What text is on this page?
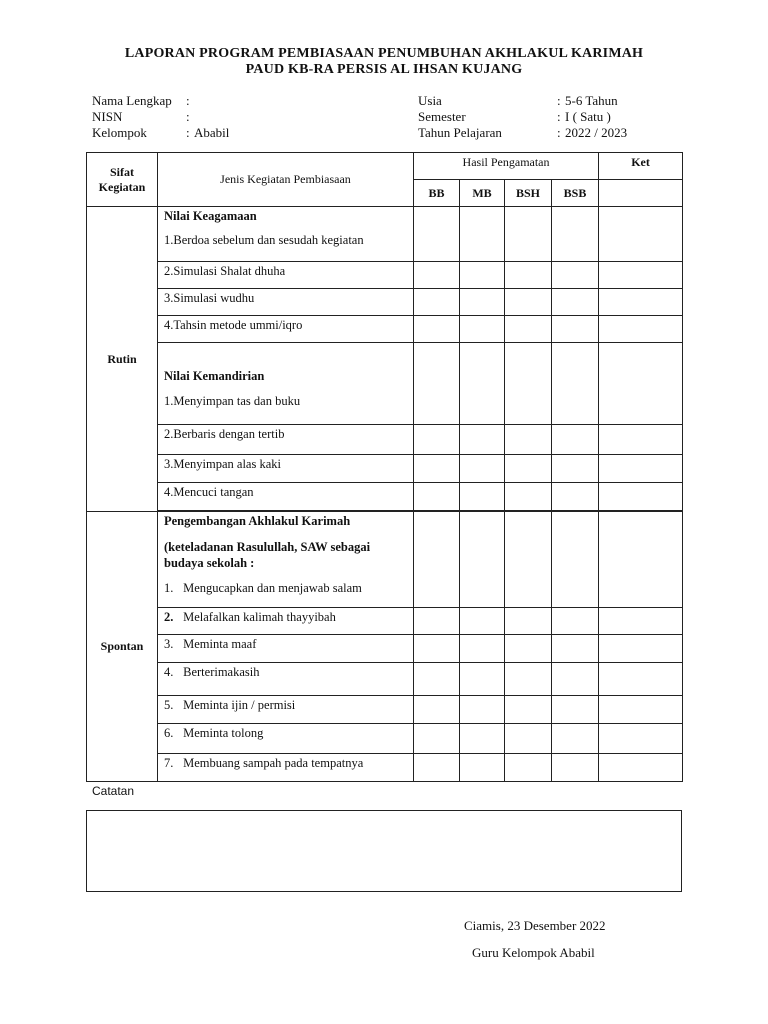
LAPORAN PROGRAM PEMBIASAAN PENUMBUHAN AKHLAKUL KARIMAH
PAUD KB-RA PERSIS AL IHSAN KUJANG
Nama Lengkap :
NISN	:
Kelompok	: Ababil
Usia	: 5-6 Tahun
Semester	: I ( Satu )
Tahun Pelajaran	: 2022 / 2023
Sifat Kegiatan	Jenis Kegiatan Pembiasaan	Hasil Pengamatan				Ket
		BB	MB	BSH	BSB	
Rutin	Nilai Keagamaan
1.Berdoa sebelum dan sesudah kegiatan					

	2.Simulasi Shalat dhuha					

	3.Simulasi wudhu					

	4.Tahsin metode ummi/iqro					

	Nilai Kemandirian
1.Menyimpan tas dan buku					

	2.Berbaris dengan tertib					

	3.Menyimpan alas kaki					

	4.Mencuci tangan					

Spontan	Pengembangan Akhlakul Karimah
(keteladanan Rasulullah, SAW sebagai budaya sekolah :
1. Mengucapkan dan menjawab salam					

	2. Melafalkan kalimah thayyibah					

	3. Meminta maaf					

	4. Berterimakasih					

	5. Meminta ijin / permisi					

	6. Meminta tolong					

	7. Membuang sampah pada tempatnya					

Catatan
Ciamis, 23 Desember 2022
Guru Kelompok Ababil
